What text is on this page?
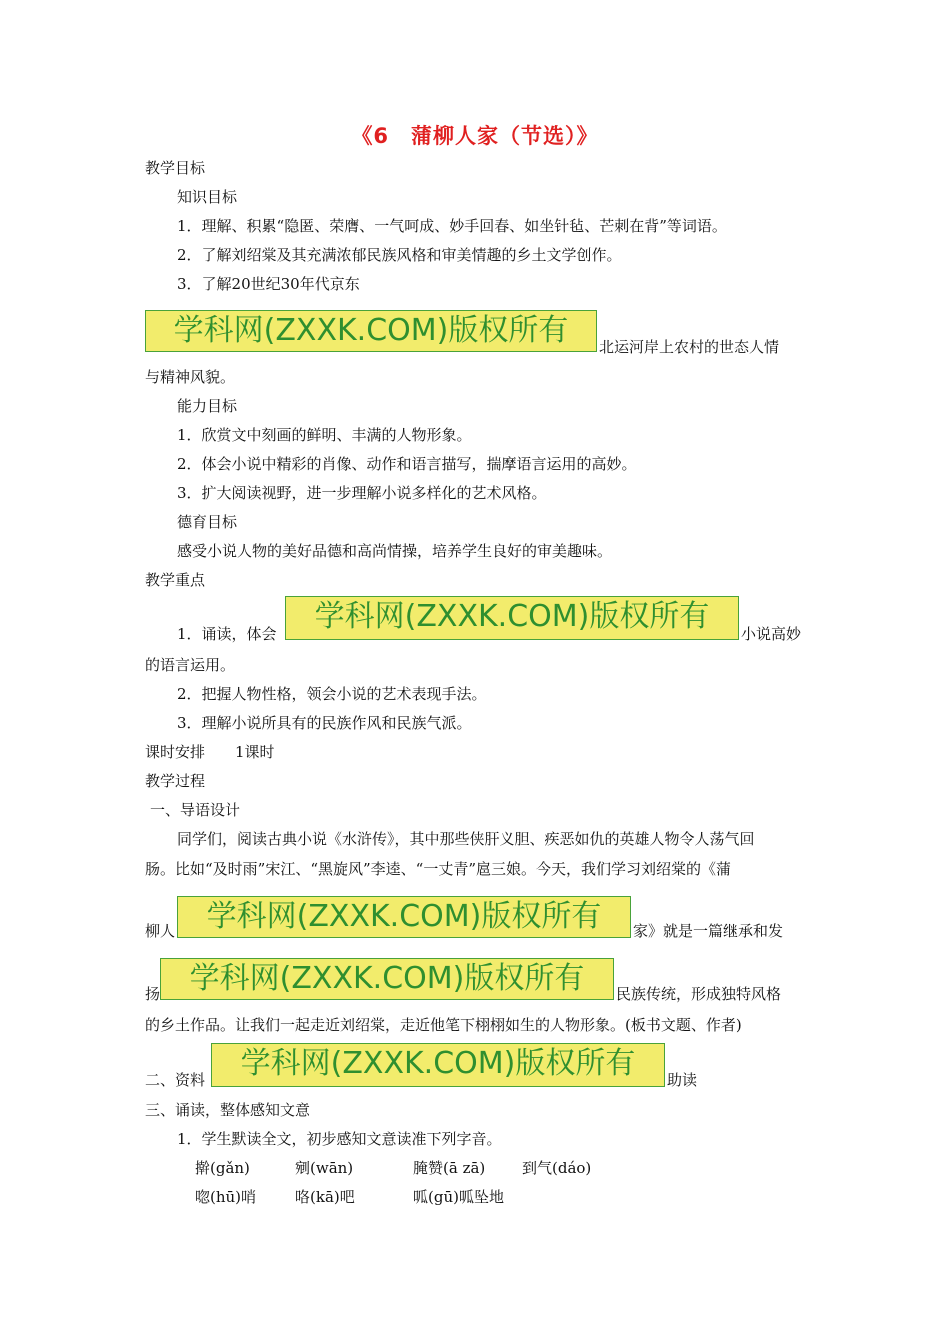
《6　蒲柳人家（节选）》
教学目标
知识目标
1．理解、积累“隐匿、荣膺、一气呵成、妙手回春、如坐针毡、芒刺在背”等词语。
2．了解刘绍棠及其充满浓郁民族风格和审美情趣的乡土文学创作。
3．了解20世纪30年代京东
学科网(ZXXK.COM)版权所有	北运河岸上农村的世态人情
与精神风貌。
能力目标
1．欣赏文中刻画的鲜明、丰满的人物形象。
2．体会小说中精彩的肖像、动作和语言描写，揣摩语言运用的高妙。
3．扩大阅读视野，进一步理解小说多样化的艺术风格。
德育目标
感受小说人物的美好品德和高尚情操，培养学生良好的审美趣味。
教学重点
1．诵读，体会	学科网(ZXXK.COM)版权所有	小说高妙
的语言运用。
2．把握人物性格，领会小说的艺术表现手法。
3．理解小说所具有的民族作风和民族气派。
课时安排　　1课时
教学过程
一、导语设计
同学们，阅读古典小说《水浒传》，其中那些侠肝义胆、疾恶如仇的英雄人物令人荡气回
肠。比如“及时雨”宋江、“黑旋风”李逵、“一丈青”扈三娘。今天，我们学习刘绍棠的《蒲
柳人	学科网(ZXXK.COM)版权所有	家》就是一篇继承和发
扬 学科网(ZXXK.COM)版权所有	民族传统，形成独特风格
的乡土作品。让我们一起走近刘绍棠，走近他笔下栩栩如生的人物形象。(板书文题、作者)
二、资料	学科网(ZXXK.COM)版权所有	助读
三、诵读，整体感知文意
1．学生默读全文，初步感知文意读准下列字音。
擀(gǎn)	剜(wān)	腌赞(ā zā) 到气(dáo)
唿(hū)哨	咯(kā)吧	呱(gū)呱坠地
